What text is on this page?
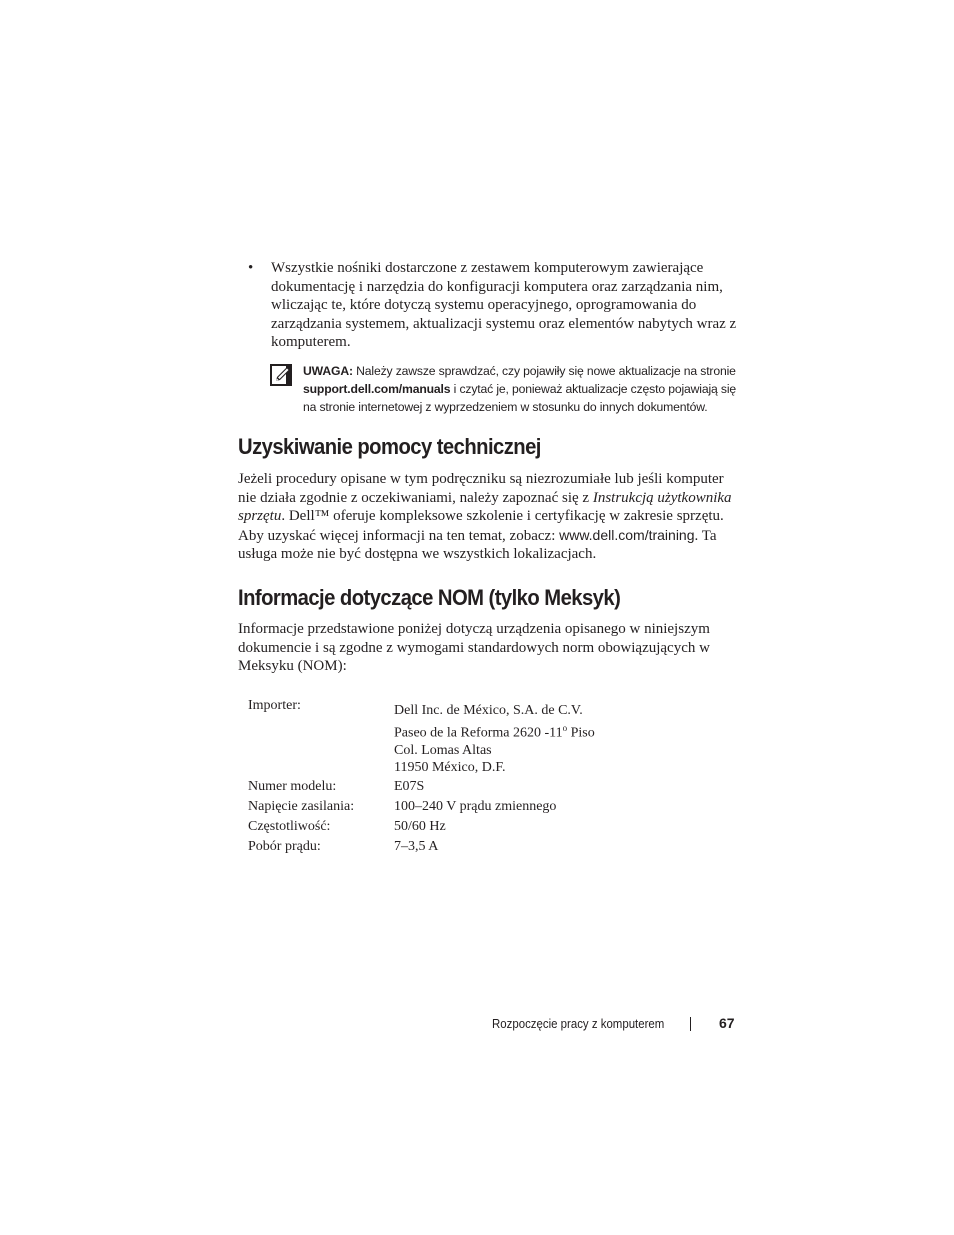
• Wszystkie nośniki dostarczone z zestawem komputerowym zawierające dokumentację i narzędzia do konfiguracji komputera oraz zarządzania nim, wliczając te, które dotyczą systemu operacyjnego, oprogramowania do zarządzania systemem, aktualizacji systemu oraz elementów nabytych wraz z komputerem.
UWAGA: Należy zawsze sprawdzać, czy pojawiły się nowe aktualizacje na stronie support.dell.com/manuals i czytać je, ponieważ aktualizacje często pojawiają się na stronie internetowej z wyprzedzeniem w stosunku do innych dokumentów.
Uzyskiwanie pomocy technicznej
Jeżeli procedury opisane w tym podręczniku są niezrozumiałe lub jeśli komputer nie działa zgodnie z oczekiwaniami, należy zapoznać się z Instrukcją użytkownika sprzętu. Dell™ oferuje kompleksowe szkolenie i certyfikację w zakresie sprzętu. Aby uzyskać więcej informacji na ten temat, zobacz: www.dell.com/training. Ta usługa może nie być dostępna we wszystkich lokalizacjach.
Informacje dotyczące NOM (tylko Meksyk)
Informacje przedstawione poniżej dotyczą urządzenia opisanego w niniejszym dokumencie i są zgodne z wymogami standardowych norm obowiązujących w Meksyku (NOM):
Importer:	Dell Inc. de México, S.A. de C.V.
Paseo de la Reforma 2620 -11$^o$ Piso
Col. Lomas Altas
11950 México, D.F.
Numer modelu:	E07S
Napięcie zasilania:	100–240 V prądu zmiennego
Częstotliwość:	50/60 Hz
Pobór prądu:	7–3,5 A
Rozpoczęcie pracy z komputerem	67
